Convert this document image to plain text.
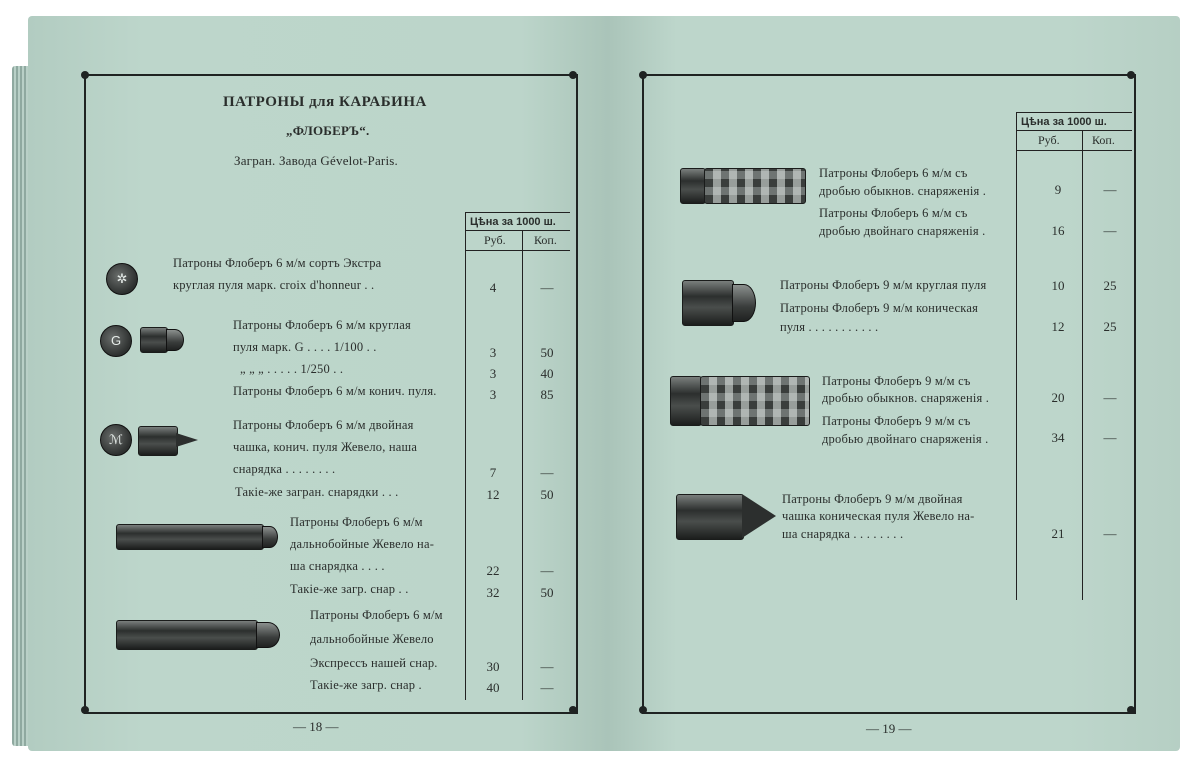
ПАТРОНЫ для КАРАБИНА
„ФЛОБЕРЪ“.
Загран. Завода Gévelot-Paris.
Цѣна за 1000 ш.
Руб. Коп.
✲
G
ℳ
Патроны Флоберъ 6 м/м сортъ Экстра
круглая пуля марк. croix d'honneur . .	4	—
Патроны Флоберъ 6 м/м круглая
пуля марк. G . . . . 1/100 . .	3	50
„ „ „ . . . . . 1/250 . .	3	40
Патроны Флоберъ 6 м/м конич. пуля.	3	85
Патроны Флоберъ 6 м/м двойная
чашка, конич. пуля Жевело, наша
снарядка . . . . . . . .	7	—
Такіе-же загран. снарядки . . .	12	50
Патроны Флоберъ 6 м/м
дальнобойные Жевело на-
ша снарядка . . . .	22	—
Такіе-же загр. снар . .	32	50
Патроны Флоберъ 6 м/м
дальнобойные Жевело
Экспрессъ нашей снар.	30	—
Такіе-же загр. снар .	40	—
— 18 —
Цѣна за 1000 ш.
Руб.	Коп.
Патроны Флоберъ 6 м/м съ
дробью обыкнов. снаряженія .	9	—
Патроны Флоберъ 6 м/м съ
дробью двойнаго снаряженія .	16	—
Патроны Флоберъ 9 м/м круглая пуля	10	25
Патроны Флоберъ 9 м/м коническая
пуля . . . . . . . . . . .	12	25
Патроны Флоберъ 9 м/м съ
дробью обыкнов. снаряженія .	20	—
Патроны Флоберъ 9 м/м съ
дробью двойнаго снаряженія .	34	—
Патроны Флоберъ 9 м/м двойная
чашка коническая пуля Жевело на-
ша снарядка . . . . . . . .	21	—
— 19 —
